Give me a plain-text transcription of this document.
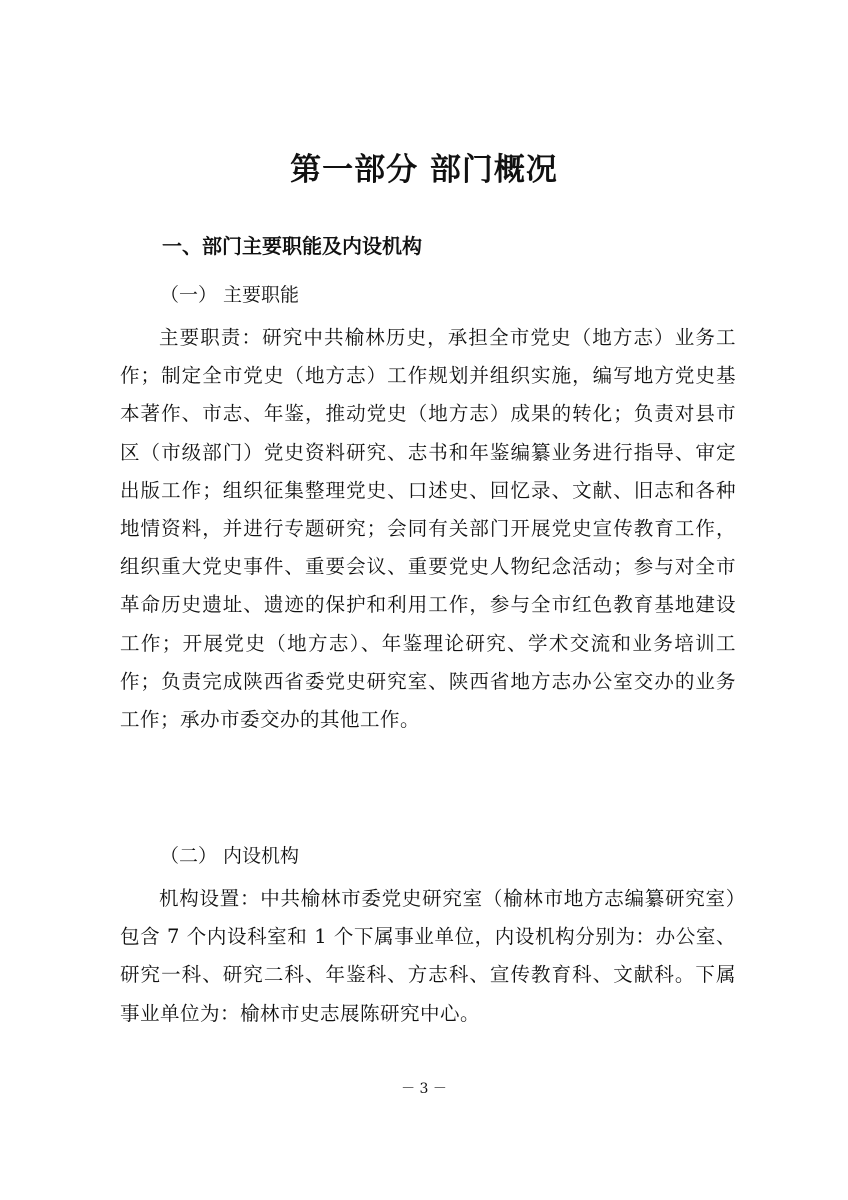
第一部分 部门概况
一、部门主要职能及内设机构
（一） 主要职能

主要职责：研究中共榆林历史，承担全市党史（地方志）业务工作；制定全市党史（地方志）工作规划并组织实施，编写地方党史基本著作、市志、年鉴，推动党史（地方志）成果的转化；负责对县市区（市级部门）党史资料研究、志书和年鉴编纂业务进行指导、审定出版工作；组织征集整理党史、口述史、回忆录、文献、旧志和各种地情资料，并进行专题研究；会同有关部门开展党史宣传教育工作，组织重大党史事件、重要会议、重要党史人物纪念活动；参与对全市革命历史遗址、遗迹的保护和利用工作，参与全市红色教育基地建设工作；开展党史（地方志）、年鉴理论研究、学术交流和业务培训工作；负责完成陕西省委党史研究室、陕西省地方志办公室交办的业务工作；承办市委交办的其他工作。

（二） 内设机构

机构设置：中共榆林市委党史研究室（榆林市地方志编纂研究室）包含 7 个内设科室和 1 个下属事业单位，内设机构分别为：办公室、研究一科、研究二科、年鉴科、方志科、宣传教育科、文献科。下属事业单位为：榆林市史志展陈研究中心。

－ 3 －
